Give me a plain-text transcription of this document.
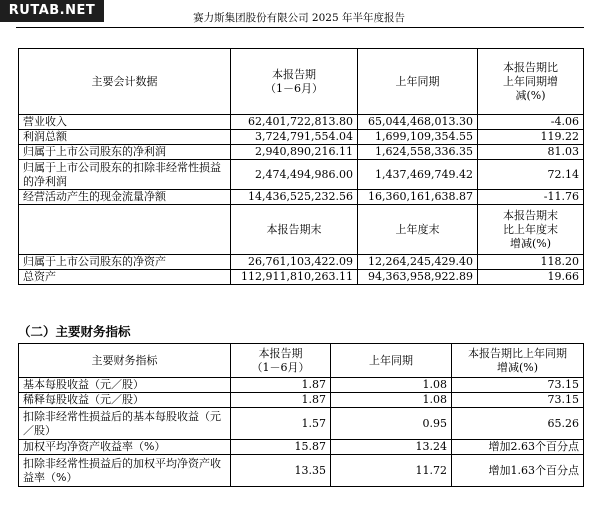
RUTAB.NET	赛力斯集团股份有限公司 2025 年半年度报告
主要会计数据	本报告期
（1－6月）	上年同期	本报告期比
上年同期增
减(%)
营业收入	62,401,722,813.80	65,044,468,013.30	-4.06
利润总额	3,724,791,554.04	1,699,109,354.55	119.22
归属于上市公司股东的净利润	2,940,890,216.11	1,624,558,336.35	81.03
归属于上市公司股东的扣除非经常性损益的净利润	2,474,494,986.00	1,437,469,749.42	72.14
经营活动产生的现金流量净额	14,436,525,232.56	16,360,161,638.87	-11.76
	本报告期末	上年度末	本报告期末
比上年度末
增减(%)
归属于上市公司股东的净资产	26,761,103,422.09	12,264,245,429.40	118.20
总资产	112,911,810,263.11	94,363,958,922.89	19.66
（二）主要财务指标
主要财务指标	本报告期
（1－6月）	上年同期	本报告期比上年同期
增减(%)
基本每股收益（元／股）	1.87	1.08	73.15
稀释每股收益（元／股）	1.87	1.08	73.15
扣除非经常性损益后的基本每股收益（元／股）	1.57	0.95	65.26
加权平均净资产收益率（%）	15.87	13.24	增加2.63个百分点
扣除非经常性损益后的加权平均净资产收益率（%）	13.35	11.72	增加1.63个百分点
